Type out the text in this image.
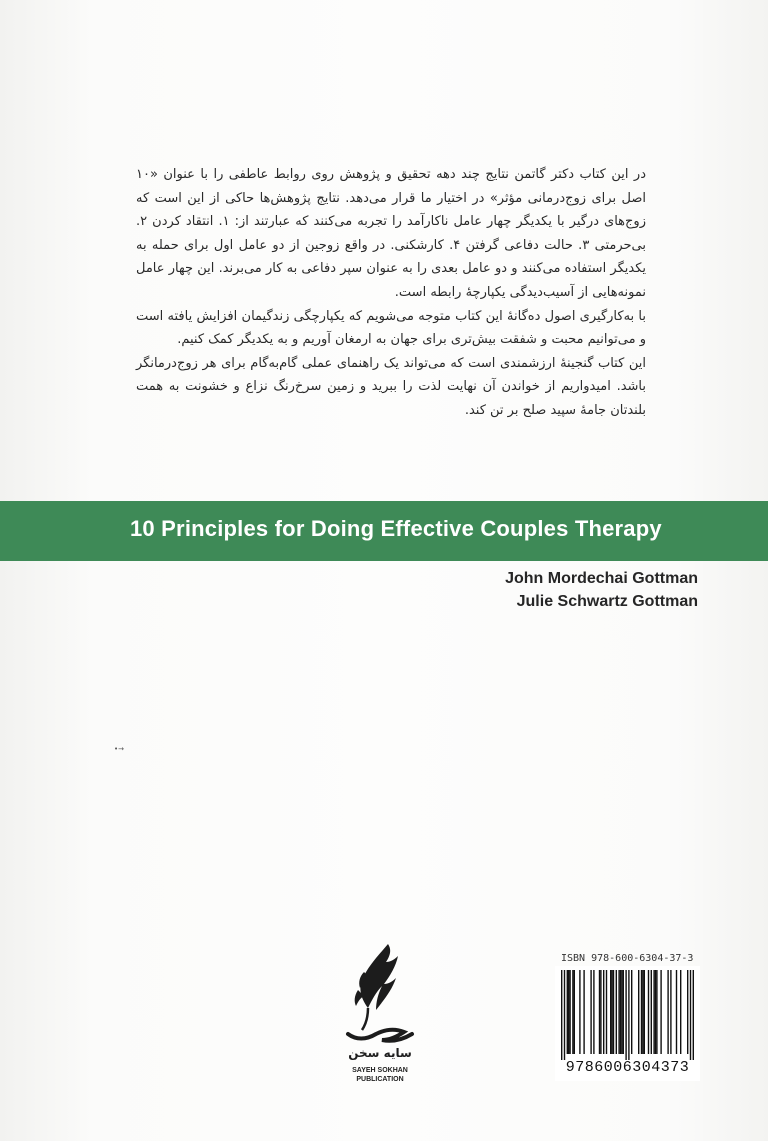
در این کتاب دکتر گاتمن نتایج چند دهه تحقیق و پژوهش روی روابط عاطفی را با عنوان «۱۰ اصل برای زوج‌درمانی مؤثر» در اختیار ما قرار می‌دهد. نتایج پژوهش‌ها حاکی از این است که زوج‌های درگیر با یکدیگر چهار عامل ناکارآمد را تجربه می‌کنند که عبارتند از: ۱. انتقاد کردن ۲. بی‌حرمتی ۳. حالت دفاعی گرفتن ۴. کارشکنی. در واقع زوجین از دو عامل اول برای حمله به یکدیگر استفاده می‌کنند و دو عامل بعدی را به عنوان سپر دفاعی به کار می‌برند. این چهار عامل نمونه‌هایی از آسیب‌دیدگی یکپارچهٔ رابطه است.

با به‌کارگیری اصول ده‌گانهٔ این کتاب متوجه می‌شویم که یکپارچگی زندگیمان افزایش یافته است و می‌توانیم محبت و شفقت بیش‌تری برای جهان به ارمغان آوریم و به یکدیگر کمک کنیم.

این کتاب گنجینهٔ ارزشمندی است که می‌تواند یک راهنمای عملی گام‌به‌گام برای هر زوج‌درمانگر باشد. امیدواریم از خواندن آن نهایت لذت را ببرید و زمین سرخ‌رنگ نزاع و خشونت به همت بلندتان جامهٔ سپید صلح بر تن کند.

10 Principles for Doing Effective Couples Therapy
John Mordechai Gottman
Julie Schwartz Gottman
•→
سایه سخن
SAYEH SOKHAN
PUBLICATION
ISBN 978-600-6304-37-3
9786006304373
